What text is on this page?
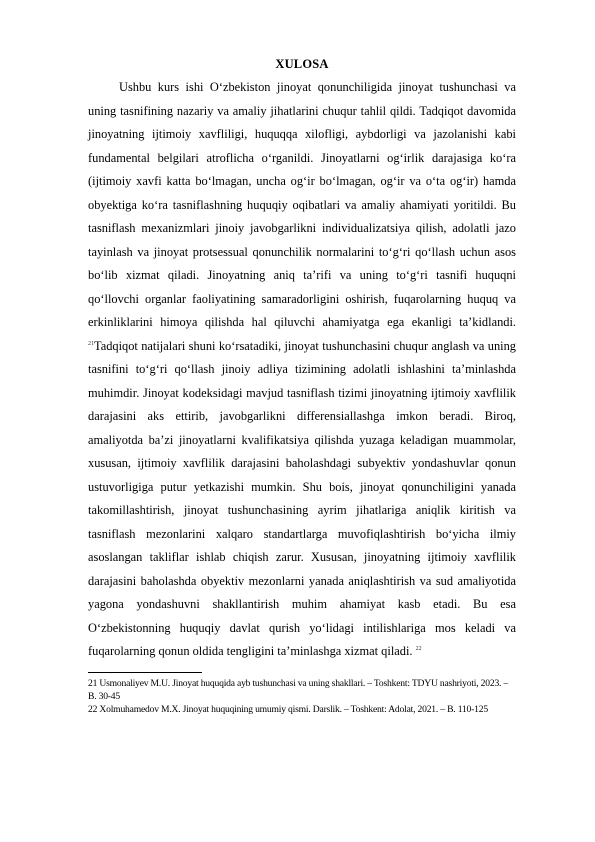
XULOSA

Ushbu kurs ishi O‘zbekiston jinoyat qonunchiligida jinoyat tushunchasi va uning tasnifining nazariy va amaliy jihatlarini chuqur tahlil qildi. Tadqiqot davomida jinoyatning ijtimoiy xavfliligi, huquqqa xilofligi, aybdorligi va jazolanishi kabi fundamental belgilari atroflicha o‘rganildi. Jinoyatlarni og‘irlik darajasiga ko‘ra (ijtimoiy xavfi katta bo‘lmagan, uncha og‘ir bo‘lmagan, og‘ir va o‘ta og‘ir) hamda obyektiga ko‘ra tasniflashning huquqiy oqibatlari va amaliy ahamiyati yoritildi. Bu tasniflash mexanizmlari jinoiy javobgarlikni individualizatsiya qilish, adolatli jazo tayinlash va jinoyat protsessual qonunchilik normalarini to‘g‘ri qo‘llash uchun asos bo‘lib xizmat qiladi. Jinoyatning aniq ta’rifi va uning to‘g‘ri tasnifi huquqni qo‘llovchi organlar faoliyatining samaradorligini oshirish, fuqarolarning huquq va erkinliklarini himoya qilishda hal qiluvchi ahamiyatga ega ekanligi ta’kidlandi. $^{21}$Tadqiqot natijalari shuni ko‘rsatadiki, jinoyat tushunchasini chuqur anglash va uning tasnifini to‘g‘ri qo‘llash jinoiy adliya tizimining adolatli ishlashini ta’minlashda muhimdir. Jinoyat kodeksidagi mavjud tasniflash tizimi jinoyatning ijtimoiy xavflilik darajasini aks ettirib, javobgarlikni differensiallashga imkon beradi. Biroq, amaliyotda ba’zi jinoyatlarni kvalifikatsiya qilishda yuzaga keladigan muammolar, xususan, ijtimoiy xavflilik darajasini baholashdagi subyektiv yondashuvlar qonun ustuvorligiga putur yetkazishi mumkin. Shu bois, jinoyat qonunchiligini yanada takomillashtirish, jinoyat tushunchasining ayrim jihatlariga aniqlik kiritish va tasniflash mezonlarini xalqaro standartlarga muvofiqlashtirish bo‘yicha ilmiy asoslangan takliflar ishlab chiqish zarur. Xususan, jinoyatning ijtimoiy xavflilik darajasini baholashda obyektiv mezonlarni yanada aniqlashtirish va sud amaliyotida yagona yondashuvni shakllantirish muhim ahamiyat kasb etadi. Bu esa O‘zbekistonning huquqiy davlat qurish yo‘lidagi intilishlariga mos keladi va fuqarolarning qonun oldida tengligini ta’minlashga xizmat qiladi. $^{22}$

21 Usmonaliyev M.U. Jinoyat huquqida ayb tushunchasi va uning shakllari. – Toshkent: TDYU nashriyoti, 2023. – B. 30-45

22 Xolmuhamedov M.X. Jinoyat huquqining umumiy qismi. Darslik. – Toshkent: Adolat, 2021. – B. 110-125
